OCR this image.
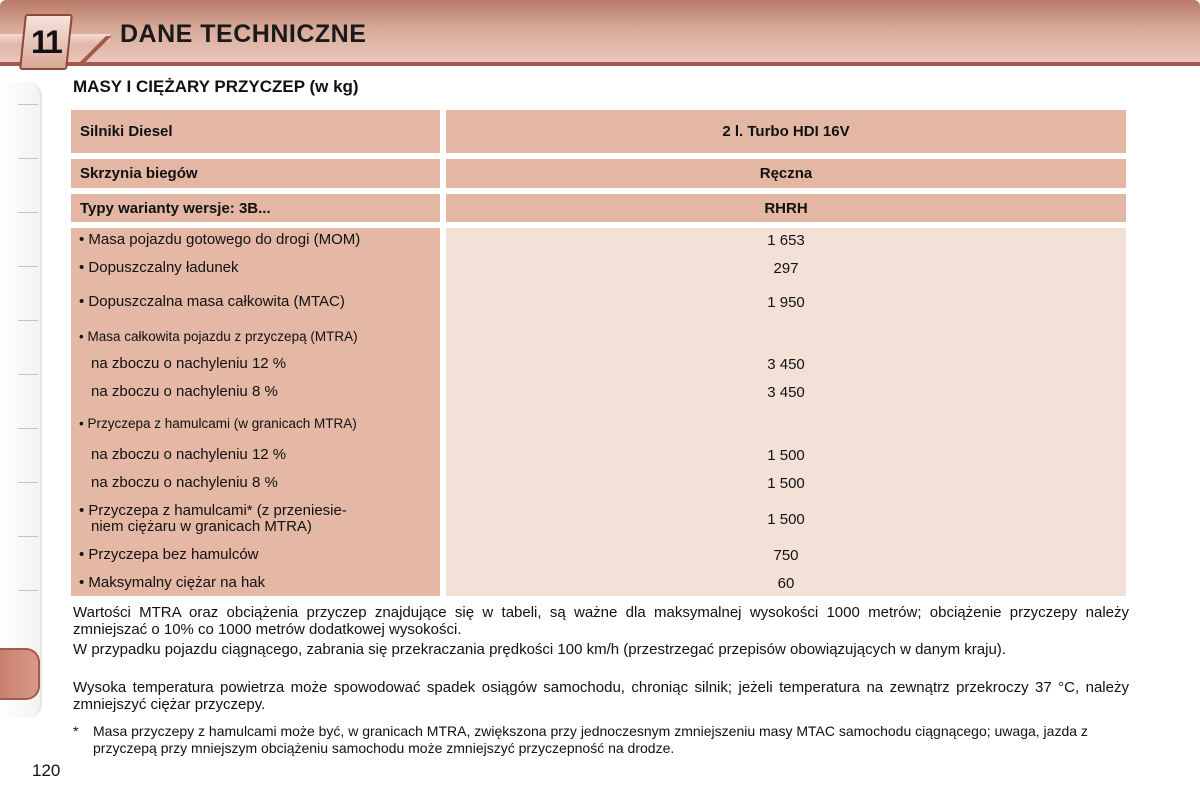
DANE TECHNICZNE
11
MASY I CIĘŻARY PRZYCZEP (w kg)
Silniki Diesel	2 l. Turbo HDI 16V
Skrzynia biegów	Ręczna
Typy warianty wersje: 3B...	RHRH
• Masa pojazdu gotowego do drogi (MOM)	1 653
• Dopuszczalny ładunek	297
• Dopuszczalna masa całkowita (MTAC)	1 950
• Masa całkowita pojazdu z przyczepą (MTRA)
na zboczu o nachyleniu 12 %	3 450
na zboczu o nachyleniu 8 %	3 450
• Przyczepa z hamulcami (w granicach MTRA)
na zboczu o nachyleniu 12 %	1 500
na zboczu o nachyleniu 8 %	1 500
• Przyczepa z hamulcami* (z przeniesie-
niem ciężaru w granicach MTRA)	1 500
• Przyczepa bez hamulców	750
• Maksymalny ciężar na hak	60
Wartości MTRA oraz obciążenia przyczep znajdujące się w tabeli, są ważne dla maksymalnej wysokości 1000 metrów; obciążenie przyczepy należy zmniejszać o 10% co 1000 metrów dodatkowej wysokości.
W przypadku pojazdu ciągnącego, zabrania się przekraczania prędkości 100 km/h (przestrzegać przepisów obowiązujących w danym kraju).
Wysoka temperatura powietrza może spowodować spadek osiągów samochodu, chroniąc silnik; jeżeli temperatura na zewnątrz przekroczy 37 °C, należy zmniejszyć ciężar przyczepy.
* Masa przyczepy z hamulcami może być, w granicach MTRA, zwiększona przy jednoczesnym zmniejszeniu masy MTAC samochodu ciągnącego; uwaga, jazda z przyczepą przy mniejszym obciążeniu samochodu może zmniejszyć przyczepność na drodze.
120
